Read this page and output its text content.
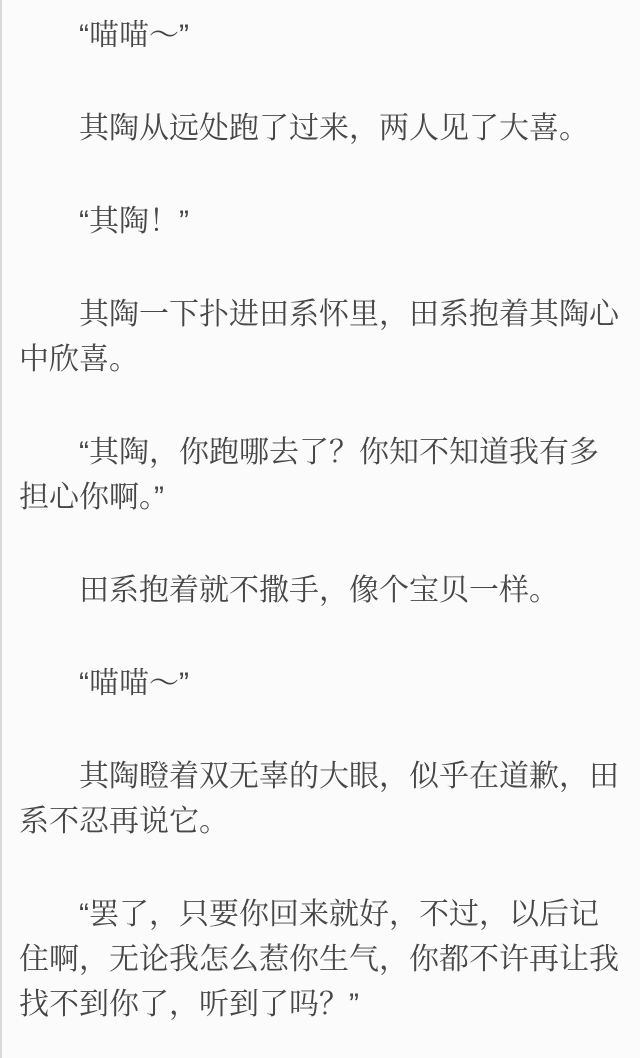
“喵喵～”

其陶从远处跑了过来，两人见了大喜。

“其陶！”

其陶一下扑进田系怀里，田系抱着其陶心中欣喜。

“其陶，你跑哪去了？你知不知道我有多担心你啊。”

田系抱着就不撒手，像个宝贝一样。

“喵喵～”

其陶瞪着双无辜的大眼，似乎在道歉，田系不忍再说它。

“罢了，只要你回来就好，不过，以后记住啊，无论我怎么惹你生气，你都不许再让我找不到你了，听到了吗？”
